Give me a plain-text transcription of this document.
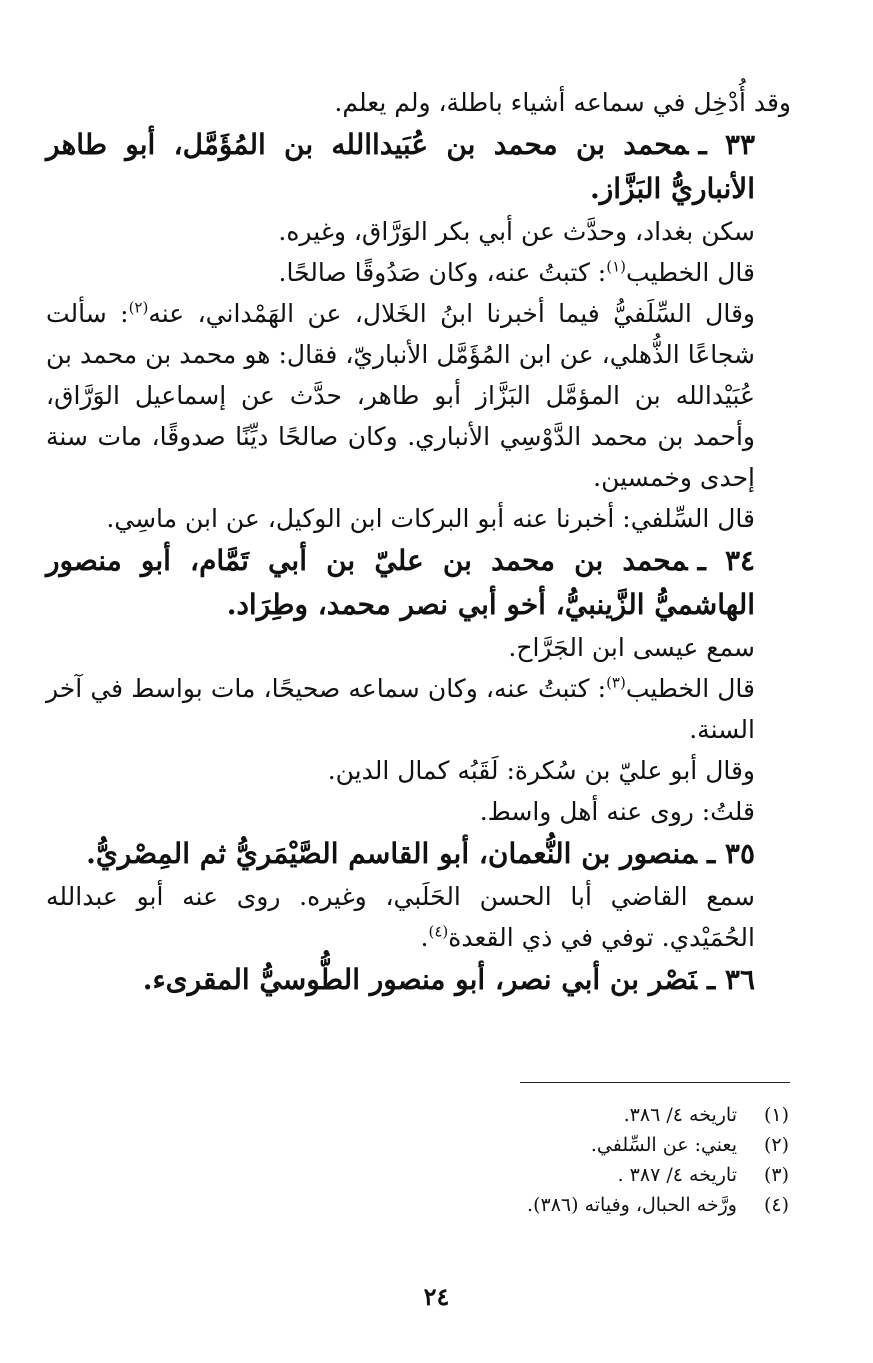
وقد أُدْخِل في سماعه أشياء باطلة، ولم يعلم.

٣٣ ـمحمد بن محمد بن عُبَيداالله بن المُؤَمَّل، أبو طاهر الأنباريُّ البَزَّاز.

سكن بغداد، وحدَّث عن أبي بكر الوَرَّاق، وغيره.

قال الخطيب$^{(١)}$: كتبتُ عنه، وكان صَدُوقًا صالحًا.

وقال السِّلَفيُّ فيما أخبرنا ابنُ الخَلال، عن الهَمْداني، عنه$^{(٢)}$: سألت شجاعًا الذُّهلي، عن ابن المُؤَمَّل الأنباريّ، فقال: هو محمد بن محمد بن عُبَيْدالله بن المؤمَّل البَزَّاز أبو طاهر، حدَّث عن إسماعيل الوَرَّاق، وأحمد بن محمد الدَّوْسِي الأنباري. وكان صالحًا ديِّنًا صدوقًا، مات سنة إحدى وخمسين.

قال السِّلفي: أخبرنا عنه أبو البركات ابن الوكيل، عن ابن ماسِي.

٣٤ ـمحمد بن محمد بن عليّ بن أبي تَمَّام، أبو منصور الهاشميُّ الزَّينبيُّ، أخو أبي نصر محمد، وطِرَاد.

سمع عيسى ابن الجَرَّاح.

قال الخطيب$^{(٣)}$: كتبتُ عنه، وكان سماعه صحيحًا، مات بواسط في آخر السنة.

وقال أبو عليّ بن سُكرة: لَقَبُه كمال الدين.

قلتُ: روى عنه أهل واسط.

٣٥ ـمنصور بن النُّعمان، أبو القاسم الصَّيْمَريُّ ثم المِصْريُّ.

سمع القاضي أبا الحسن الحَلَبي، وغيره. روى عنه أبو عبدالله الحُمَيْدي. توفي في ذي القعدة$^{(٤)}$.

٣٦ ـنَصْر بن أبي نصر، أبو منصور الطُّوسيُّ المقرىء.

(١)
تاريخه ٤/ ٣٨٦.
(٢)
يعني: عن السِّلفي.
(٣)
تاريخه ٤/ ٣٨٧ .
(٤)
ورَّخه الحبال، وفياته (٣٨٦).
٢٤
